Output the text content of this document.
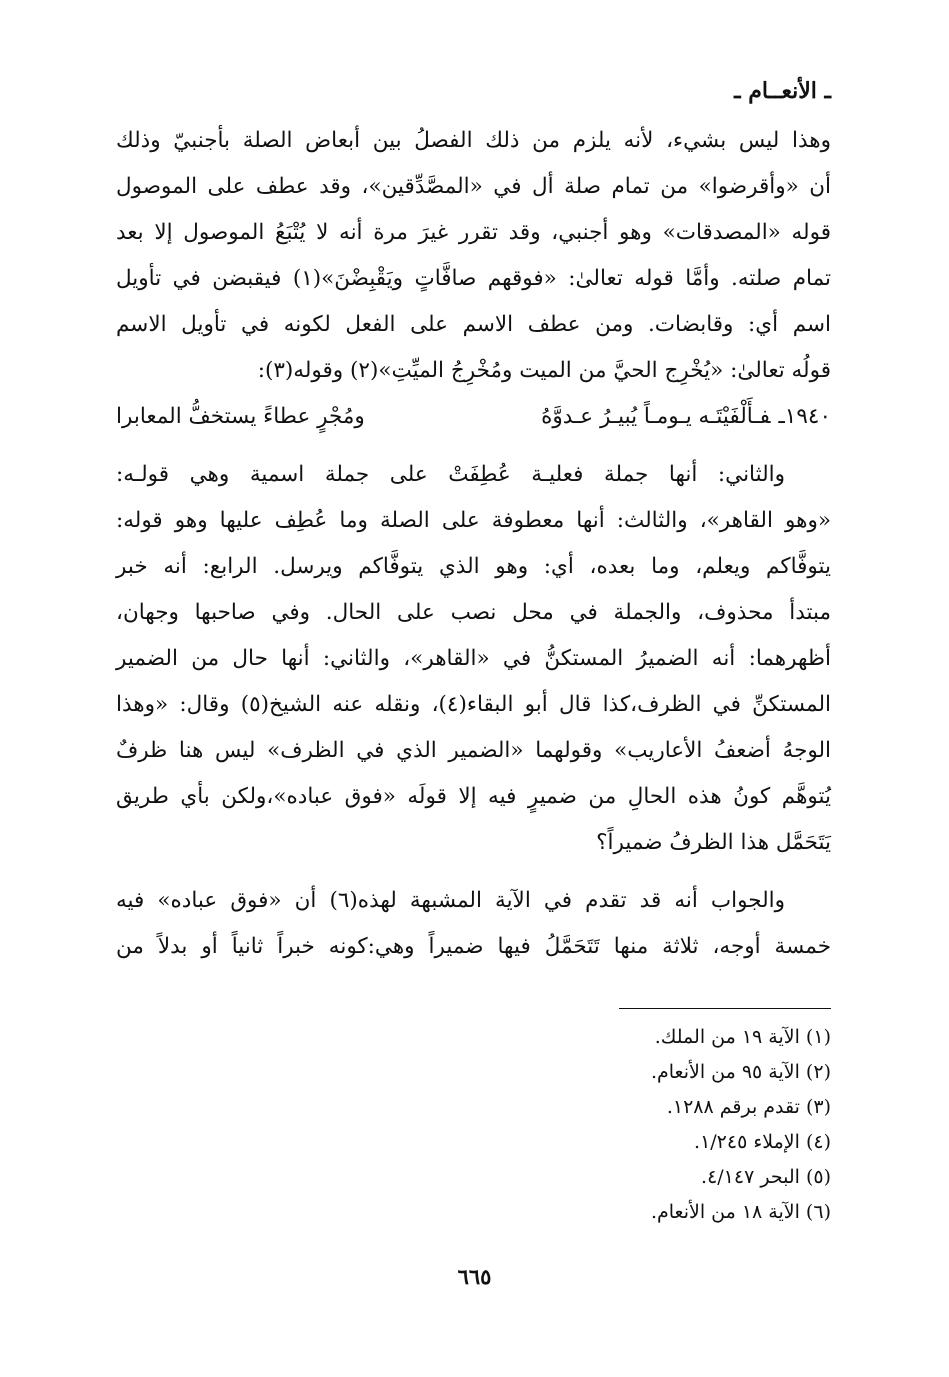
ـ الأنعــام ـ

وهذا ليس بشيء، لأنه يلزم من ذلك الفصلُ بين أبعاض الصلة بأجنبيّ وذلك
أن «وأقرضوا» من تمام صلة أل في «المصَّدِّقين»، وقد عطف على الموصول
قوله «المصدقات» وهو أجنبي، وقد تقرر غيرَ مرة أنه لا يُتْبَعُ الموصول إلا بعد
تمام صلته. وأمَّا قوله تعالىٰ: «فوقهم صافَّاتٍ ويَقْبِضْنَ»(١) فيقبضن في تأويل
اسم أي: وقابضات. ومن عطف الاسم على الفعل لكونه في تأويل الاسم
قولُه تعالىٰ: «يُخْرِج الحيَّ من الميت ومُخْرِجُ الميِّتِ»(٢) وقوله(٣):
١٩٤٠ـفـأَلْفَيْتَـه يـومـاً يُبيـرُ عـدوَّهُ
ومُجْرٍ عطاءً يستخفُّ المعابرا
والثاني: أنها جملة فعليـة عُطِفَتْ على جملة اسمية وهي قولـه:
«وهو القاهر»، والثالث: أنها معطوفة على الصلة وما عُطِف عليها وهو قوله:
يتوفَّاكم ويعلم، وما بعده، أي: وهو الذي يتوفَّاكم ويرسل. الرابع: أنه خبر
مبتدأ محذوف، والجملة في محل نصب على الحال. وفي صاحبها وجهان،
أظهرهما: أنه الضميرُ المستكنُّ في «القاهر»، والثاني: أنها حال من الضمير
المستكنِّ في الظرف،كذا قال أبو البقاء(٤)، ونقله عنه الشيخ(٥) وقال: «وهذا
الوجهُ أضعفُ الأعاريب» وقولهما «الضمير الذي في الظرف» ليس هنا ظرفٌ
يُتوهَّم كونُ هذه الحالِ من ضميرٍ فيه إلا قولَه «فوق عباده»،ولكن بأي طريق
يَتَحَمَّل هذا الظرفُ ضميراً؟
والجواب أنه قد تقدم في الآية المشبهة لهذه(٦) أن «فوق عباده» فيه
خمسة أوجه، ثلاثة منها تَتَحَمَّلُ فيها ضميراً وهي:كونه خبراً ثانياً أو بدلاً من
(١) الآية ١٩ من الملك.
(٢) الآية ٩٥ من الأنعام.
(٣) تقدم برقم ١٢٨٨.
(٤) الإملاء ١/٢٤٥.
(٥) البحر ٤/١٤٧.
(٦) الآية ١٨ من الأنعام.
٦٦٥
